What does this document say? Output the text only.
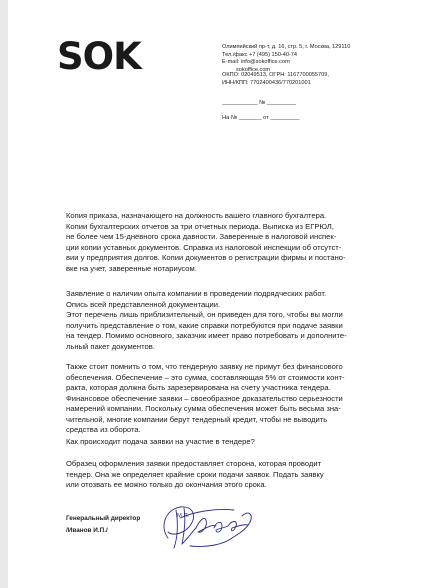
SOK	Олимпийский пр-т, д. 16, стр. 5, г. Москва, 129110
Тел./факс +7 (495) 150-40-74
E-mail: info@sokoffice.com
sokoffice.com
ОКПО: 02049513, ОГРН: 1167700055709,
ИНН/КПП: 7702400436/770201001
___________ № _________
На № _______ от _________

Копия приказа, назначающего на должность вашего главного бухгалтера.

Копии бухгалтерских отчетов за три отчетных периода. Выписка из ЕГРЮЛ,

не более чем 15-дневного срока давности. Заверенные в налоговой инспек-

ции копии уставных документов. Справка из налоговой инспекции об отсутст-

вии у предприятия долгов. Копии документов о регистрации фирмы и постано-

вке на учет, заверенные нотариусом.

Заявление о наличии опыта компании в проведении подрядческих работ.

Опись всей представленной документации.

Этот перечень лишь приблизительный, он приведен для того, чтобы вы могли

получить представление о том, какие справки потребуются при подаче заявки

на тендер. Помимо основного, заказчик имеет право потребовать и дополните-

льный пакет документов.

Также стоит помнить о том, что тендерную заявку не примут без финансового

обеспечения. Обеспечение – это сумма, составляющая 5% от стоимости конт-

ракта, которая должна быть зарезервирована на счету участника тендера.

Финансовое обеспечение заявки – своеобразное доказательство серьезности

намерений компании. Поскольку сумма обеспечения может быть весьма зна-

чительной, многие компании берут тендерный кредит, чтобы не выводить

средства из оборота.

Как происходит подача заявки на участие в тендере?

Образец оформления заявки предоставляет сторона, которая проводит

тендер. Она же определяет крайние сроки подачи заявок. Подать заявку

или отозвать ее можно только до окончания этого срока.

Генеральный директор
/Иванов И.П./
М.П.
